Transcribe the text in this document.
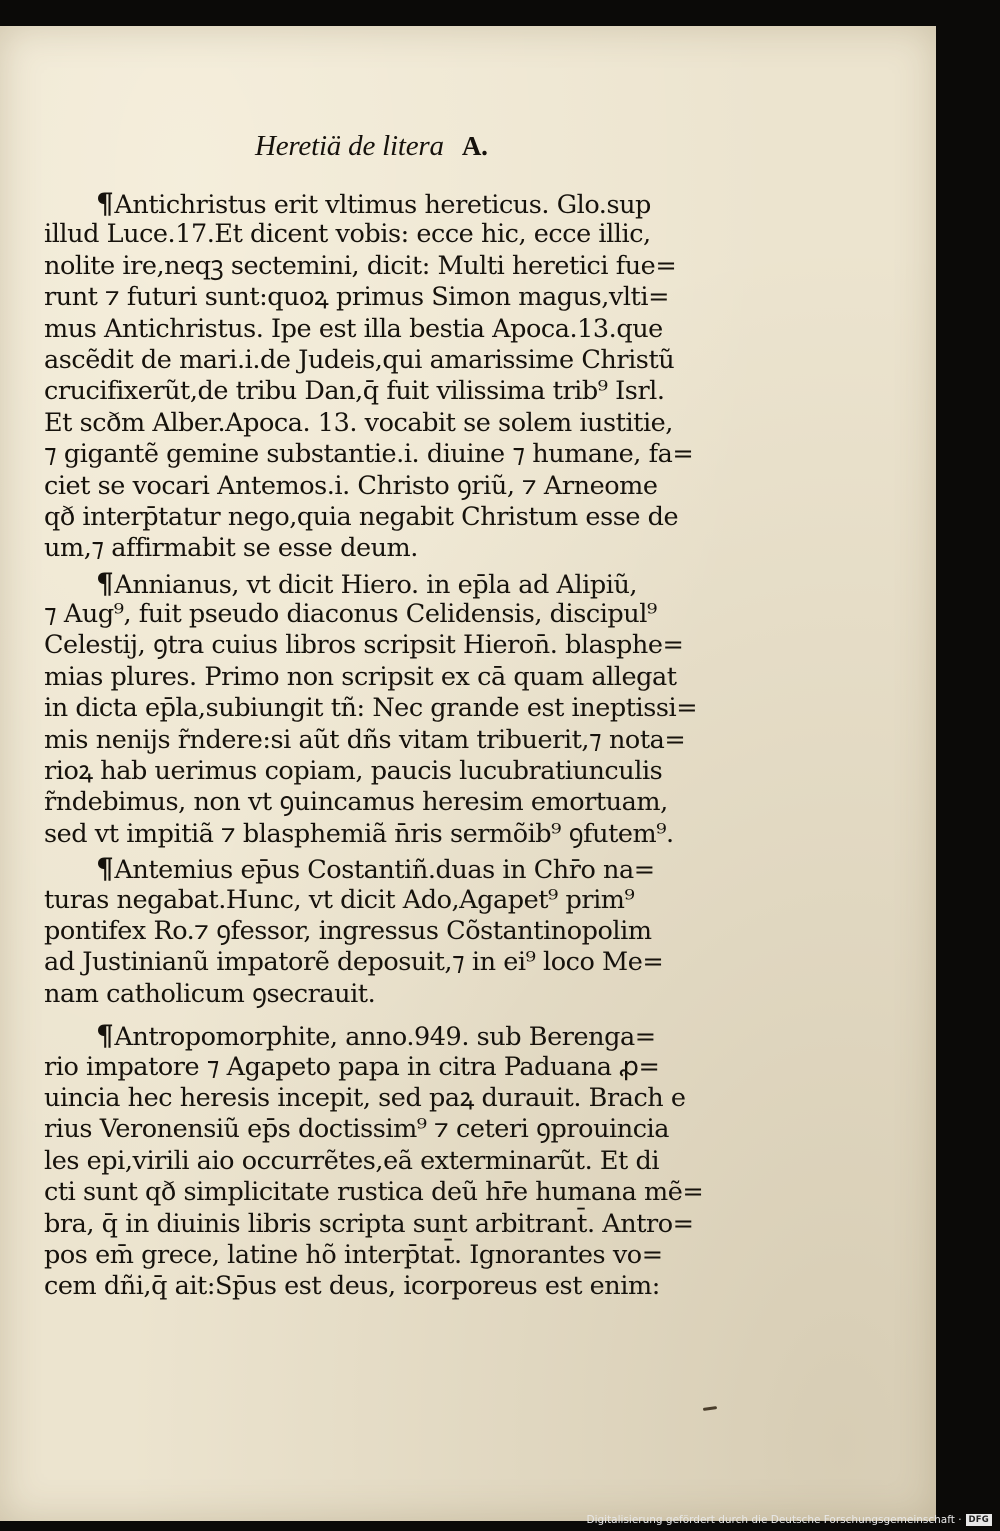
Heretiä de litera A.
¶Antichristus erit vltimus hereticus. Glo.sup
illud Luce.17.Et dicent vobis: ecce hic, ecce illic,
nolite ire,neqꝫ sectemini, dicit: Multi heretici fue=
runt ⁊ futuri sunt:quoꝝ primus Simon magus,vlti=
mus Antichristus. Ipe est illa bestia Apoca.13.que
ascẽdit de mari.i.de Judeis,qui amarissime Christũ
crucifixerũt,de tribu Dan,q̄ fuit vilissima trib⁹ Isrl.
Et scðm Alber.Apoca. 13. vocabit se solem iustitie,
⁊ gigantẽ gemine substantie.i. diuine ⁊ humane, fa=
ciet se vocari Antemos.i. Christo ꝯriũ, ⁊ Arneome
qð interp̄tatur nego,quia negabit Christum esse de
um,⁊ affirmabit se esse deum.
¶Annianus, vt dicit Hiero. in ep̄la ad Alipiũ,
⁊ Aug⁹, fuit pseudo diaconus Celidensis, discipul⁹
Celestij, ꝯtra cuius libros scripsit Hieron̄. blasphe=
mias plures. Primo non scripsit ex cā quam allegat
in dicta ep̄la,subiungit tñ: Nec grande est ineptissi=
mis nenijs r̃ndere:si aũt dñs vitam tribuerit,⁊ nota=
rioꝝ hab uerimus copiam, paucis lucubratiunculis
r̃ndebimus, non vt ꝯuincamus heresim emortuam,
sed vt impitiã ⁊ blasphemiã n̄ris sermõib⁹ ꝯfutem⁹.
¶Antemius ep̄us Costantiñ.duas in Chr̄o na=
turas negabat.Hunc, vt dicit Ado,Agapet⁹ prim⁹
pontifex Ro.⁊ ꝯfessor, ingressus Cõstantinopolim
ad Justinianũ impatorẽ deposuit,⁊ in ei⁹ loco Me=
nam catholicum ꝯsecrauit.
¶Antropomorphite, anno.949. sub Berenga=
rio impatore ⁊ Agapeto papa in citra Paduana ꝓ=
uincia hec heresis incepit, sed paꝝ durauit. Brach e
rius Veronensiũ ep̄s doctissim⁹ ⁊ ceteri ꝯprouincia
les epi,virili aio occurrẽtes,eã exterminarũt. Et di
cti sunt qð simplicitate rustica deũ hr̄e humana mẽ=
bra, q̄ in diuinis libris scripta sunt arbitrant̄. Antro=
pos em̄ grece, latine hõ interp̄tat̄. Ignorantes vo=
cem dñi,q̄ ait:Sp̄us est deus, icorporeus est enim:
Digitalisierung gefördert durch die Deutsche Forschungsgemeinschaft · DFG
